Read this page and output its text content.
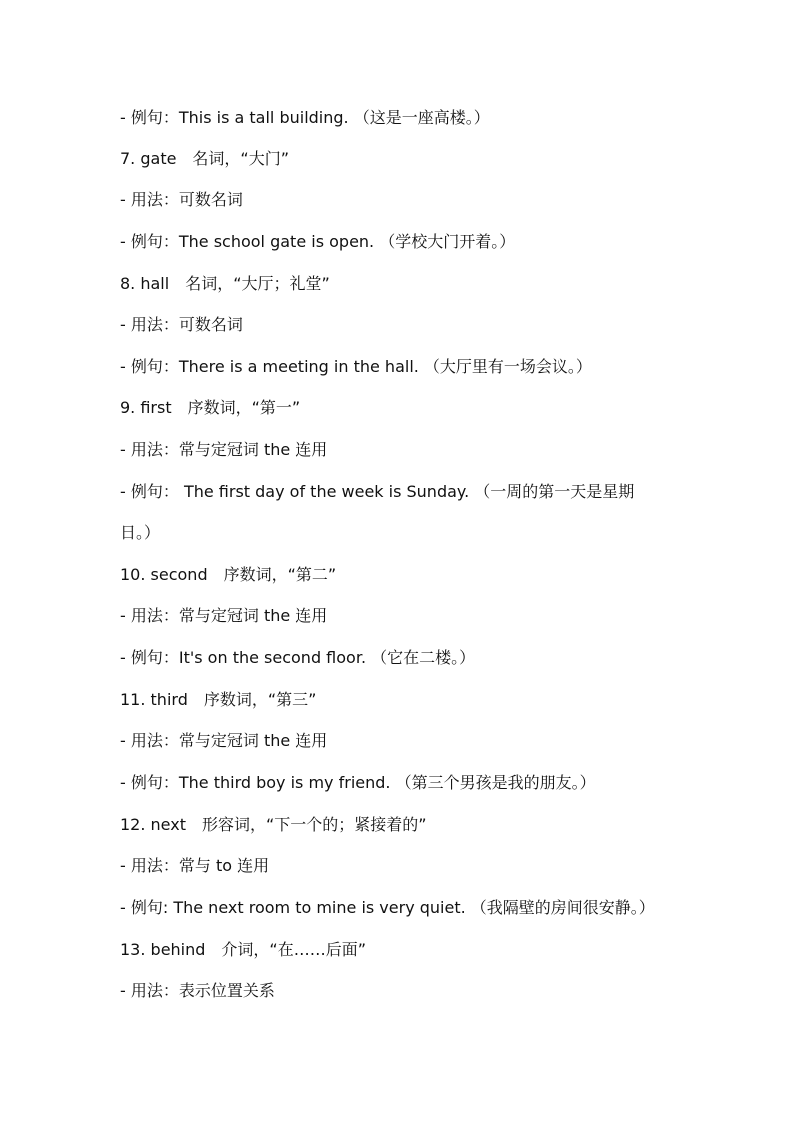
- 例句：This is a tall building. （这是一座高楼。）
7. gate　名词，“大门”
- 用法：可数名词
- 例句：The school gate is open. （学校大门开着。）
8. hall　名词，“大厅；礼堂”
- 用法：可数名词
- 例句：There is a meeting in the hall. （大厅里有一场会议。）
9. first　序数词，“第一”
- 用法：常与定冠词 the 连用
- 例句： The first day of the week is Sunday. （一周的第一天是星期
日。）
10. second　序数词，“第二”
- 用法：常与定冠词 the 连用
- 例句：It's on the second floor. （它在二楼。）
11. third　序数词，“第三”
- 用法：常与定冠词 the 连用
- 例句：The third boy is my friend. （第三个男孩是我的朋友。）
12. next　形容词，“下一个的；紧接着的”
- 用法：常与 to 连用
- 例句: The next room to mine is very quiet. （我隔壁的房间很安静。）
13. behind　介词，“在……后面”
- 用法：表示位置关系
